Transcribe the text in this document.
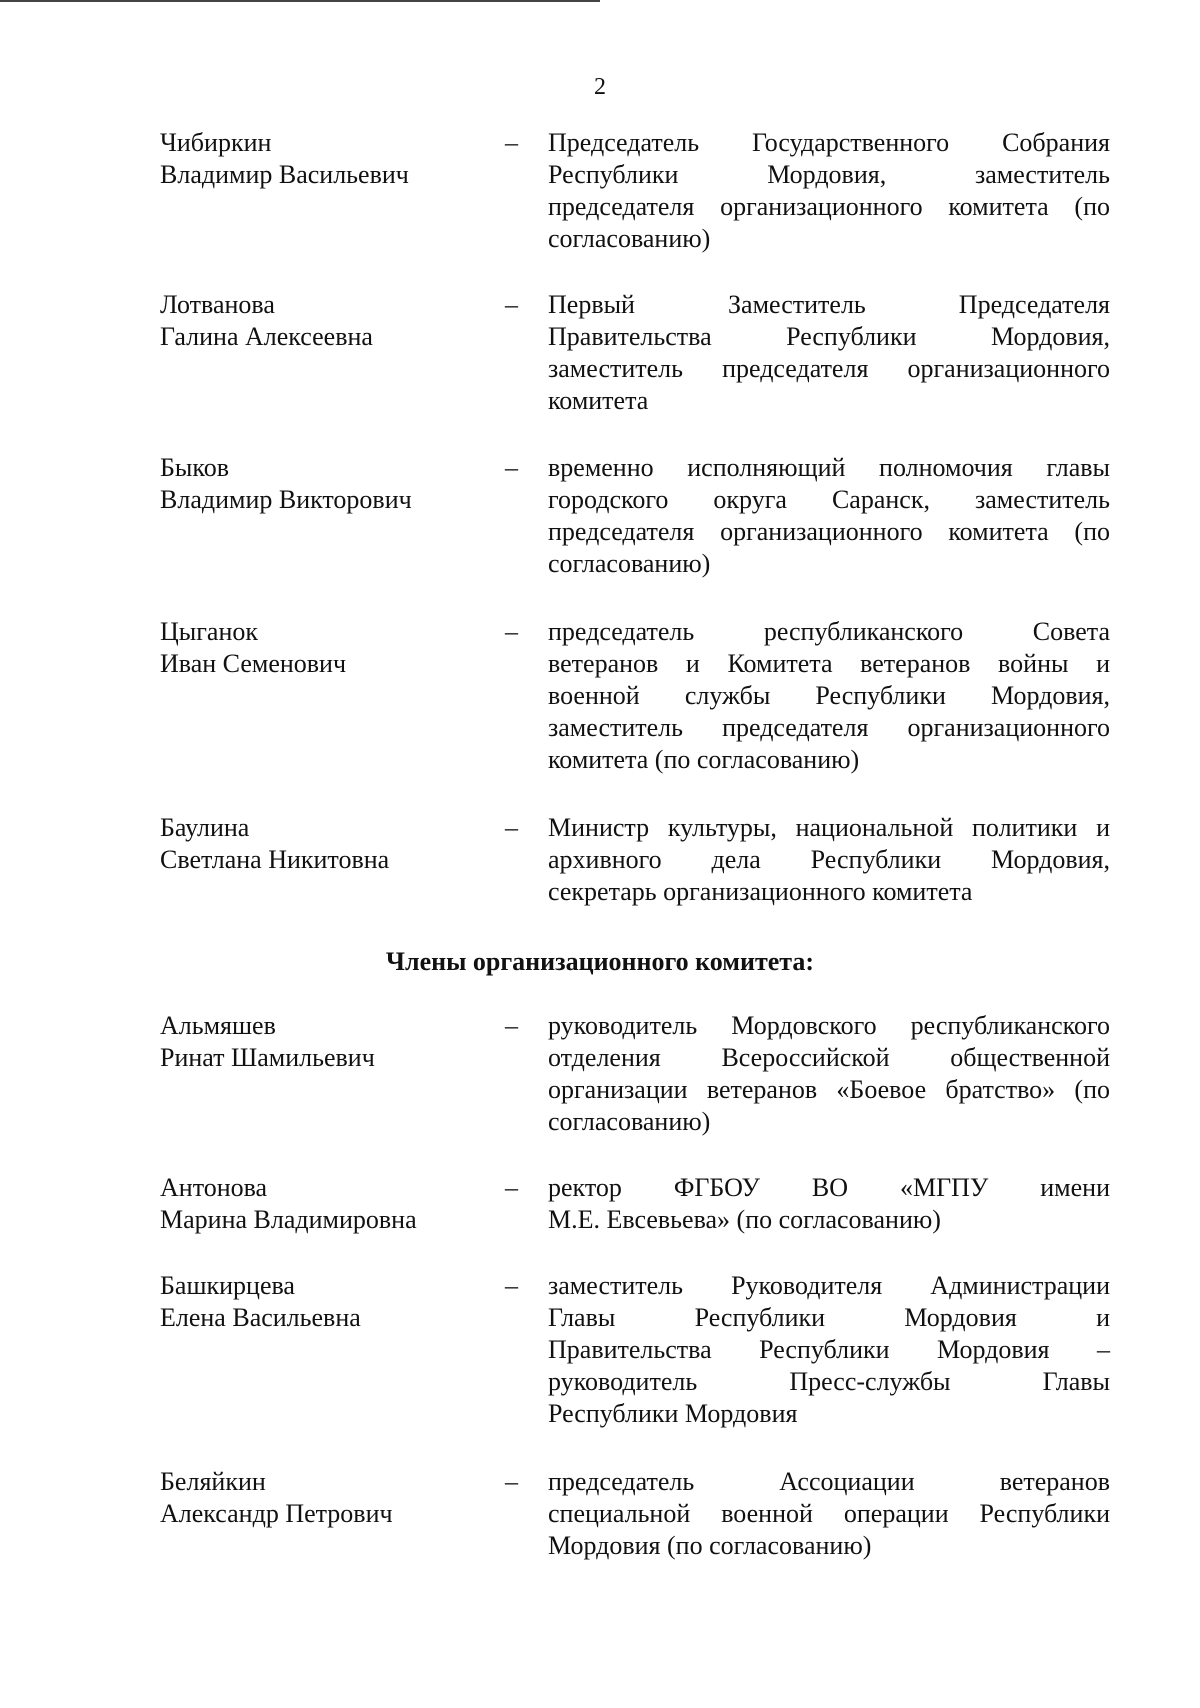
2
Чибиркин
Владимир Васильевич
– Председатель Государственного Собрания
Республики Мордовия, заместитель
председателя организационного комитета (по
согласованию)
Лотванова
Галина Алексеевна
– Первый Заместитель Председателя
Правительства Республики Мордовия,
заместитель председателя организационного
комитета
Быков
Владимир Викторович
– временно исполняющий полномочия главы
городского округа Саранск, заместитель
председателя организационного комитета (по
согласованию)
Цыганок
Иван Семенович
– председатель республиканского Совета
ветеранов и Комитета ветеранов войны и
военной службы Республики Мордовия,
заместитель председателя организационного
комитета (по согласованию)
Баулина
Светлана Никитовна
– Министр культуры, национальной политики и
архивного дела Республики Мордовия,
секретарь организационного комитета
Члены организационного комитета:
Альмяшев
Ринат Шамильевич
– руководитель Мордовского республиканского
отделения Всероссийской общественной
организации ветеранов «Боевое братство» (по
согласованию)
Антонова
Марина Владимировна
– ректор ФГБОУ ВО «МГПУ имени
М.Е. Евсевьева» (по согласованию)
Башкирцева
Елена Васильевна
– заместитель Руководителя Администрации
Главы Республики Мордовия и
Правительства Республики Мордовия –
руководитель Пресс-службы Главы
Республики Мордовия
Беляйкин
Александр Петрович
– председатель Ассоциации ветеранов
специальной военной операции Республики
Мордовия (по согласованию)
